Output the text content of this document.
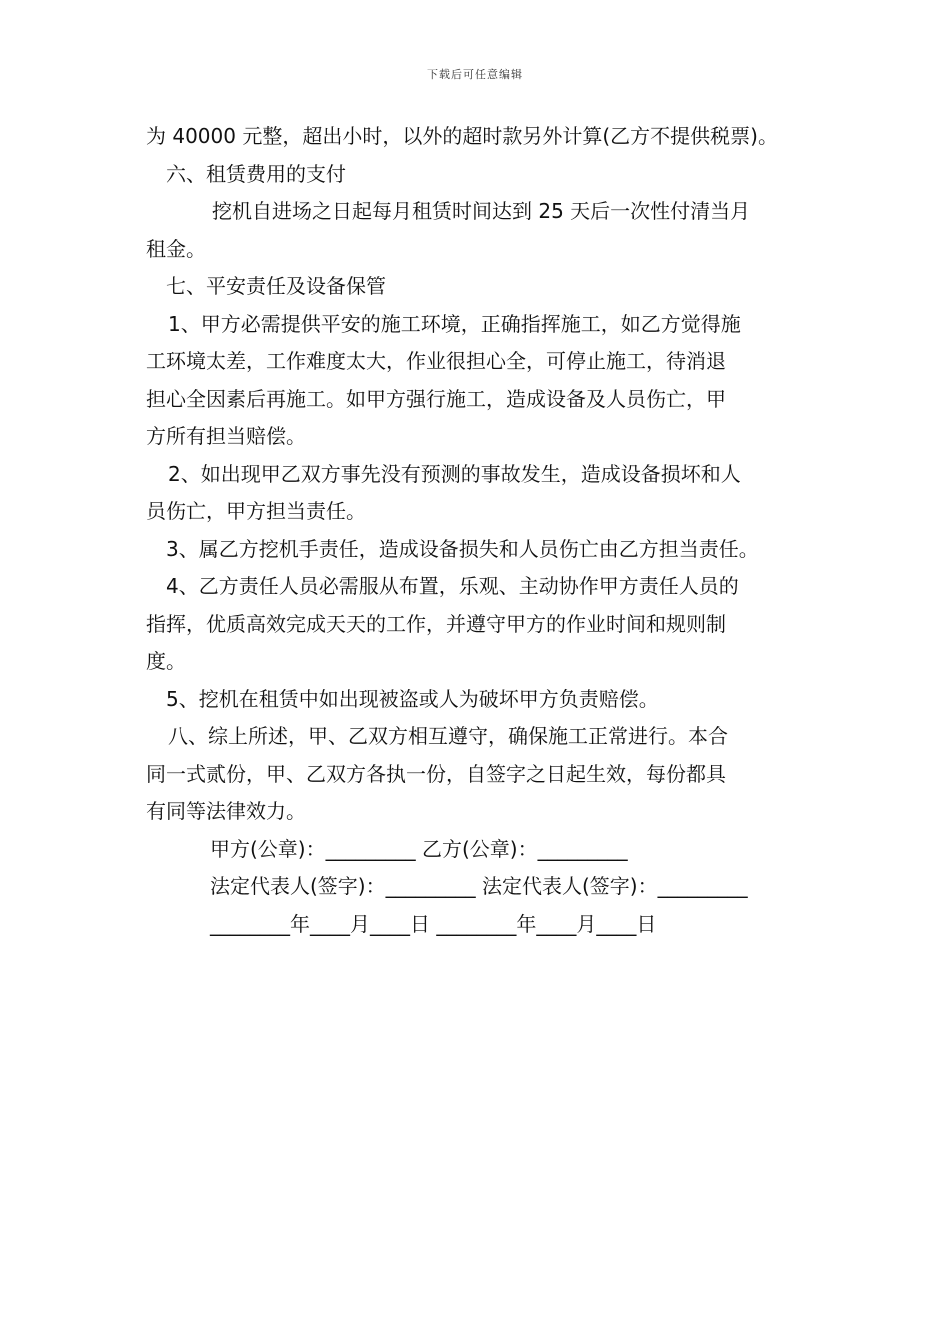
下载后可任意编辑

为 40000 元整，超出小时，以外的超时款另外计算(乙方不提供税票)。

六、租赁费用的支付

挖机自进场之日起每月租赁时间达到 25 天后一次性付清当月

租金。

七、平安责任及设备保管

1、甲方必需提供平安的施工环境，正确指挥施工，如乙方觉得施

工环境太差，工作难度太大，作业很担心全，可停止施工，待消退

担心全因素后再施工。如甲方强行施工，造成设备及人员伤亡，甲

方所有担当赔偿。

2、如出现甲乙双方事先没有预测的事故发生，造成设备损坏和人

员伤亡，甲方担当责任。

3、属乙方挖机手责任，造成设备损失和人员伤亡由乙方担当责任。

4、乙方责任人员必需服从布置，乐观、主动协作甲方责任人员的

指挥，优质高效完成天天的工作，并遵守甲方的作业时间和规则制

度。

5、挖机在租赁中如出现被盗或人为破坏甲方负责赔偿。

八、综上所述，甲、乙双方相互遵守，确保施工正常进行。本合

同一式贰份，甲、乙双方各执一份，自签字之日起生效，每份都具

有同等法律效力。

甲方(公章)：_________ 乙方(公章)：_________

法定代表人(签字)：_________ 法定代表人(签字)：_________

________年____月____日 ________年____月____日
